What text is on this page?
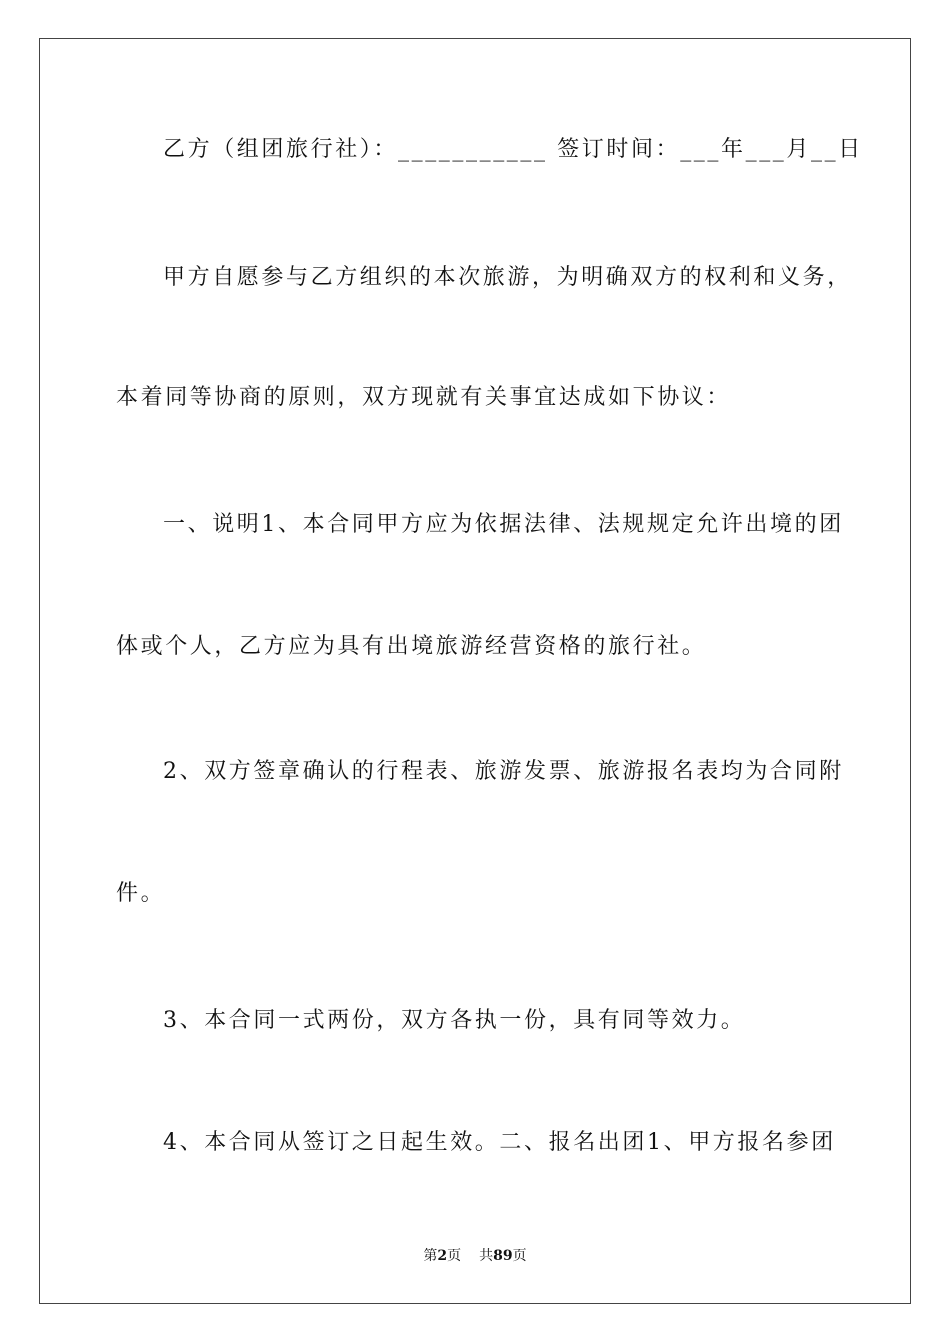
乙方（组团旅行社）：___________ 签订时间：___年___月__日
甲方自愿参与乙方组织的本次旅游，为明确双方的权利和义务，
本着同等协商的原则，双方现就有关事宜达成如下协议：
一、说明1、本合同甲方应为依据法律、法规规定允许出境的团
体或个人，乙方应为具有出境旅游经营资格的旅行社。
2、双方签章确认的行程表、旅游发票、旅游报名表均为合同附
件。
3、本合同一式两份，双方各执一份，具有同等效力。
4、本合同从签订之日起生效。二、报名出团1、甲方报名参团
第2页 共89页
